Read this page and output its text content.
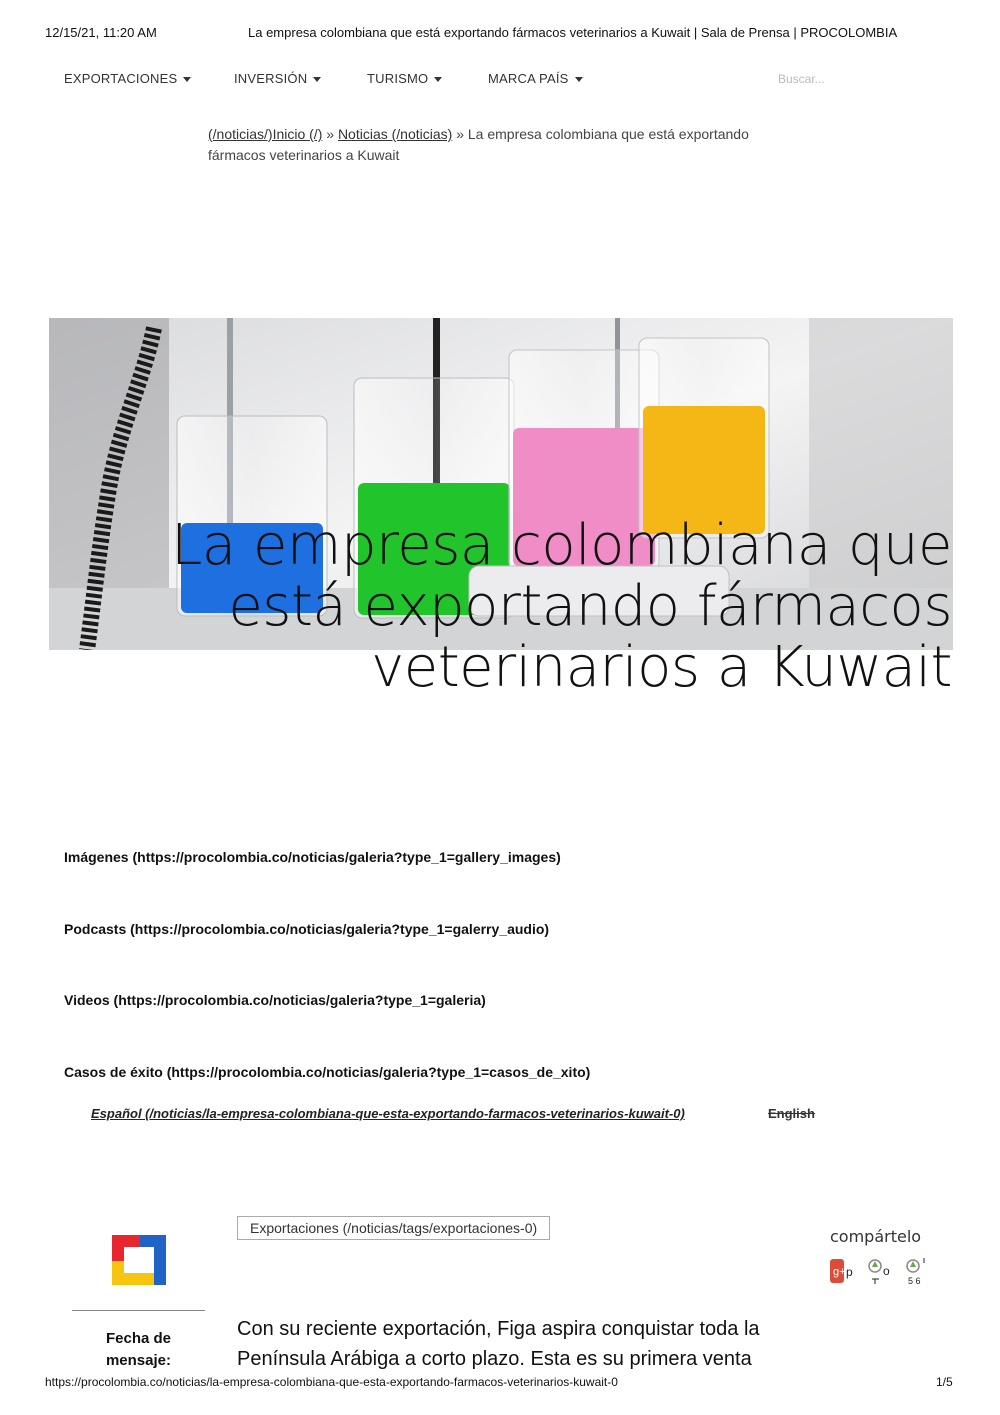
12/15/21, 11:20 AM	La empresa colombiana que está exportando fármacos veterinarios a Kuwait | Sala de Prensa | PROCOLOMBIA
EXPORTACIONES	INVERSIÓN	TURISMO	MARCA PAÍS
Buscar...
(/noticias/)Inicio (/) » Noticias (/noticias) » La empresa colombiana que está exportando fármacos veterinarios a Kuwait
La empresa colombiana que está exportando fármacos veterinarios a Kuwait
Imágenes (https://procolombia.co/noticias/galeria?type_1=gallery_images)
Podcasts (https://procolombia.co/noticias/galeria?type_1=galerry_audio)
Videos (https://procolombia.co/noticias/galeria?type_1=galeria)
Casos de éxito (https://procolombia.co/noticias/galeria?type_1=casos_de_xito)
Español (/noticias/la-empresa-colombiana-que-esta-exportando-farmacos-veterinarios-kuwait-0)	English
Exportaciones (/noticias/tags/exportaciones-0)	compártelo
g+ p	o
5 6
Fecha de mensaje:
Con su reciente exportación, Figa aspira conquistar toda la Península Arábiga a corto plazo. Esta es su primera venta
https://procolombia.co/noticias/la-empresa-colombiana-que-esta-exportando-farmacos-veterinarios-kuwait-0	1/5
